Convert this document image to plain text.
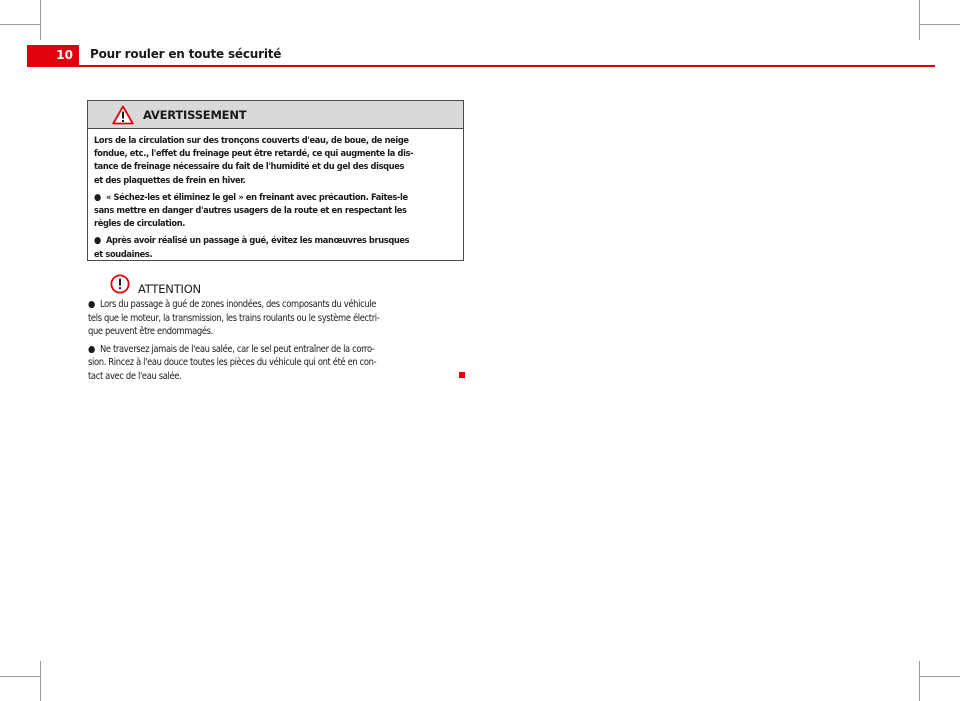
10	Pour rouler en toute sécurité
AVERTISSEMENT

Lors de la circulation sur des tronçons couverts d'eau, de boue, de neige
fondue, etc., l'effet du freinage peut être retardé, ce qui augmente la dis-
tance de freinage nécessaire du fait de l'humidité et du gel des disques
et des plaquettes de frein en hiver.

● « Séchez-les et éliminez le gel » en freinant avec précaution. Faites-le
sans mettre en danger d'autres usagers de la route et en respectant les
règles de circulation.

● Après avoir réalisé un passage à gué, évitez les manœuvres brusques
et soudaines.

ATTENTION

● Lors du passage à gué de zones inondées, des composants du véhicule
tels que le moteur, la transmission, les trains roulants ou le système électri-
que peuvent être endommagés.

● Ne traversez jamais de l'eau salée, car le sel peut entraîner de la corro-
sion. Rincez à l'eau douce toutes les pièces du véhicule qui ont été en con-
tact avec de l'eau salée.
